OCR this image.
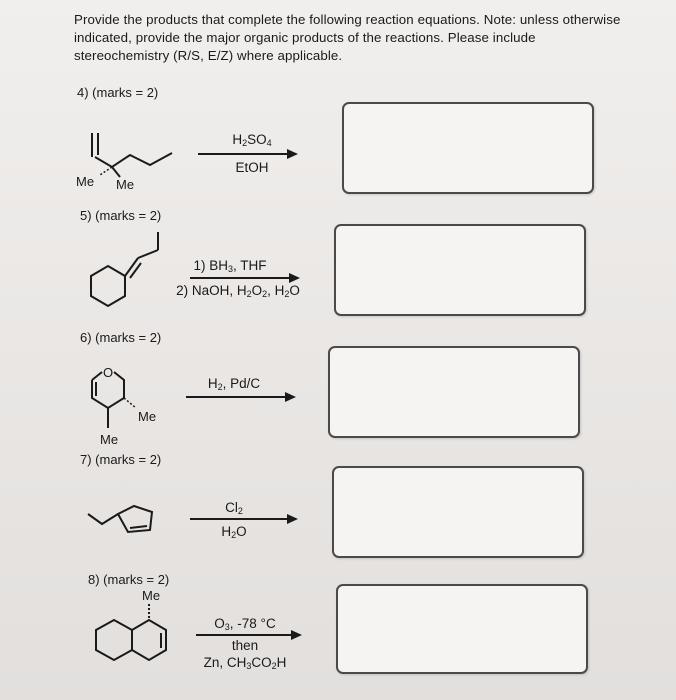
Provide the products that complete the following reaction equations. Note: unless otherwise indicated, provide the major organic products of the reactions. Please include stereochemistry (R/S, E/Z) where applicable.
4) (marks = 2)
Me Me
$H_2SO_4$
EtOH
5) (marks = 2)
1) $BH_3$, THF
2) NaOH, $H_2O_2$, $H_2O$
6) (marks = 2)
O
Me
Me
$H_2$, Pd/C
7) (marks = 2)
$Cl_2$
$H_2O$
8) (marks = 2)
Me
$O_3$, -78 °C
then
Zn, $CH_3CO_2H$
